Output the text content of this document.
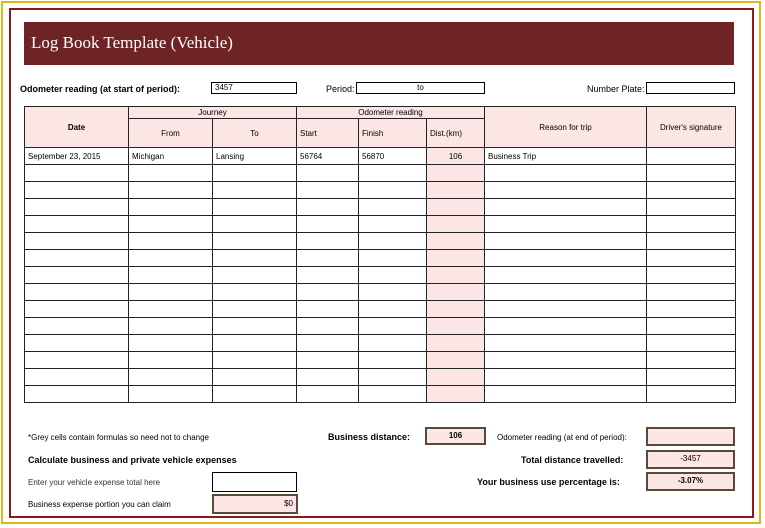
Log Book Template (Vehicle)
Odometer reading (at start of period):	3457	Period:	to	Number Plate:
Date	Journey		Odometer reading			Reason for trip	Driver's signature
	From	To	Start	Finish	Dist.(km)		
September 23, 2015	Michigan	Lansing	56764	56870	106	Business Trip	

*Grey cells contain formulas so need not to change	Business distance:	106	Odometer reading (at end of period):
Calculate business and private vehicle expenses	Total distance travelled:	-3457
Enter your vehicle expense total here	Your business use percentage is:	-3.07%
Business expense portion you can claim	$0
